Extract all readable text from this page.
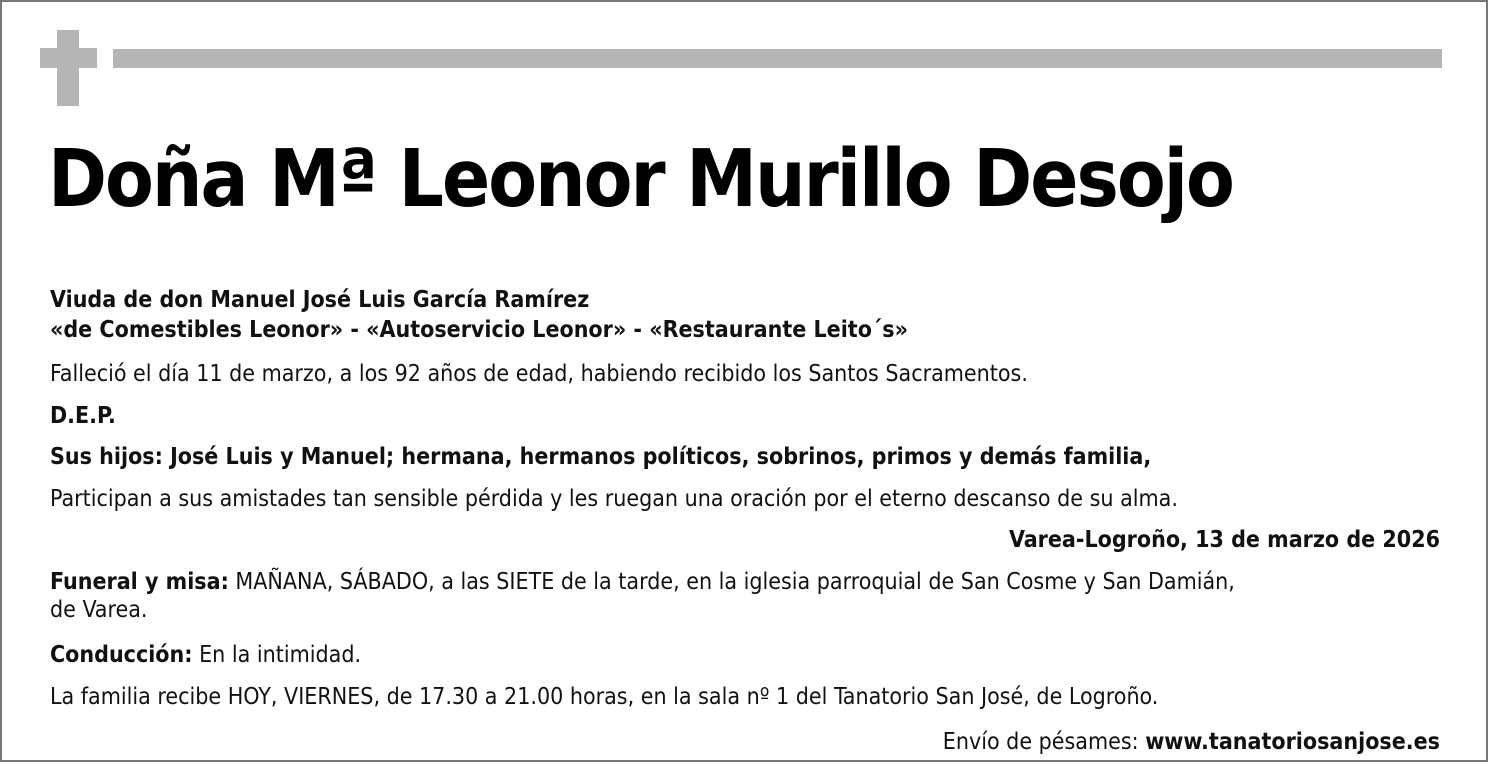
Doña Mª Leonor Murillo Desojo

Viuda de don Manuel José Luis García Ramírez

«de Comestibles Leonor» - «Autoservicio Leonor» - «Restaurante Leito´s»

Falleció el día 11 de marzo, a los 92 años de edad, habiendo recibido los Santos Sacramentos.

D.E.P.

Sus hijos: José Luis y Manuel; hermana, hermanos políticos, sobrinos, primos y demás familia,

Participan a sus amistades tan sensible pérdida y les ruegan una oración por el eterno descanso de su alma.

Varea-Logroño, 13 de marzo de 2026

Funeral y misa: MAÑANA, SÁBADO, a las SIETE de la tarde, en la iglesia parroquial de San Cosme y San Damián,

de Varea.

Conducción: En la intimidad.

La familia recibe HOY, VIERNES, de 17.30 a 21.00 horas, en la sala nº 1 del Tanatorio San José, de Logroño.

Envío de pésames: www.tanatoriosanjose.es
